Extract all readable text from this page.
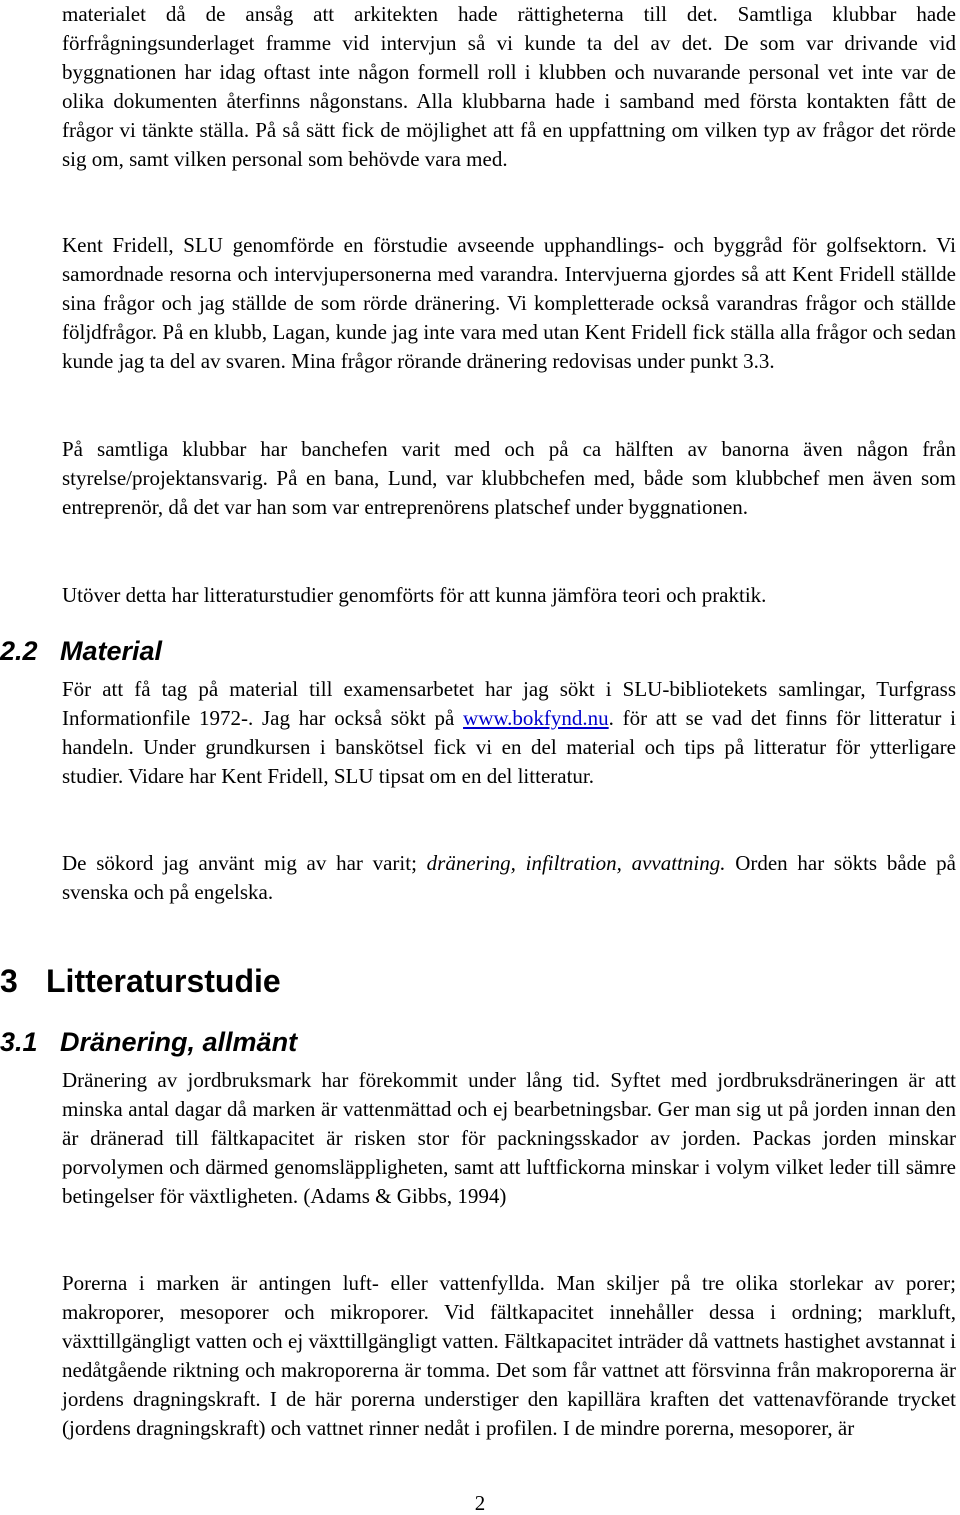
materialet då de ansåg att arkitekten hade rättigheterna till det. Samtliga klubbar hade förfrågningsunderlaget framme vid intervjun så vi kunde ta del av det. De som var drivande vid byggnationen har idag oftast inte någon formell roll i klubben och nuvarande personal vet inte var de olika dokumenten återfinns någonstans. Alla klubbarna hade i samband med första kontakten fått de frågor vi tänkte ställa. På så sätt fick de möjlighet att få en uppfattning om vilken typ av frågor det rörde sig om, samt vilken personal som behövde vara med.

Kent Fridell, SLU genomförde en förstudie avseende upphandlings- och byggråd för golfsektorn. Vi samordnade resorna och intervjupersonerna med varandra. Intervjuerna gjordes så att Kent Fridell ställde sina frågor och jag ställde de som rörde dränering. Vi kompletterade också varandras frågor och ställde följdfrågor. På en klubb, Lagan, kunde jag inte vara med utan Kent Fridell fick ställa alla frågor och sedan kunde jag ta del av svaren. Mina frågor rörande dränering redovisas under punkt 3.3.

På samtliga klubbar har banchefen varit med och på ca hälften av banorna även någon från styrelse/projektansvarig. På en bana, Lund, var klubbchefen med, både som klubbchef men även som entreprenör, då det var han som var entreprenörens platschef under byggnationen.

Utöver detta har litteraturstudier genomförts för att kunna jämföra teori och praktik.

2.2 Material

För att få tag på material till examensarbetet har jag sökt i SLU-bibliotekets samlingar, Turfgrass Informationfile 1972-. Jag har också sökt på www.bokfynd.nu. för att se vad det finns för litteratur i handeln. Under grundkursen i banskötsel fick vi en del material och tips på litteratur för ytterligare studier. Vidare har Kent Fridell, SLU tipsat om en del litteratur.

De sökord jag använt mig av har varit; dränering, infiltration, avvattning. Orden har sökts både på svenska och på engelska.

3 Litteraturstudie
3.1 Dränering, allmänt

Dränering av jordbruksmark har förekommit under lång tid. Syftet med jordbruksdräneringen är att minska antal dagar då marken är vattenmättad och ej bearbetningsbar. Ger man sig ut på jorden innan den är dränerad till fältkapacitet är risken stor för packningsskador av jorden. Packas jorden minskar porvolymen och därmed genomsläppligheten, samt att luftfickorna minskar i volym vilket leder till sämre betingelser för växtligheten. (Adams & Gibbs, 1994)

Porerna i marken är antingen luft- eller vattenfyllda. Man skiljer på tre olika storlekar av porer; makroporer, mesoporer och mikroporer. Vid fältkapacitet innehåller dessa i ordning; markluft, växttillgängligt vatten och ej växttillgängligt vatten. Fältkapacitet inträder då vattnets hastighet avstannat i nedåtgående riktning och makroporerna är tomma. Det som får vattnet att försvinna från makroporerna är jordens dragningskraft. I de här porerna understiger den kapillära kraften det vattenavförande trycket (jordens dragningskraft) och vattnet rinner nedåt i profilen. I de mindre porerna, mesoporer, är

2
